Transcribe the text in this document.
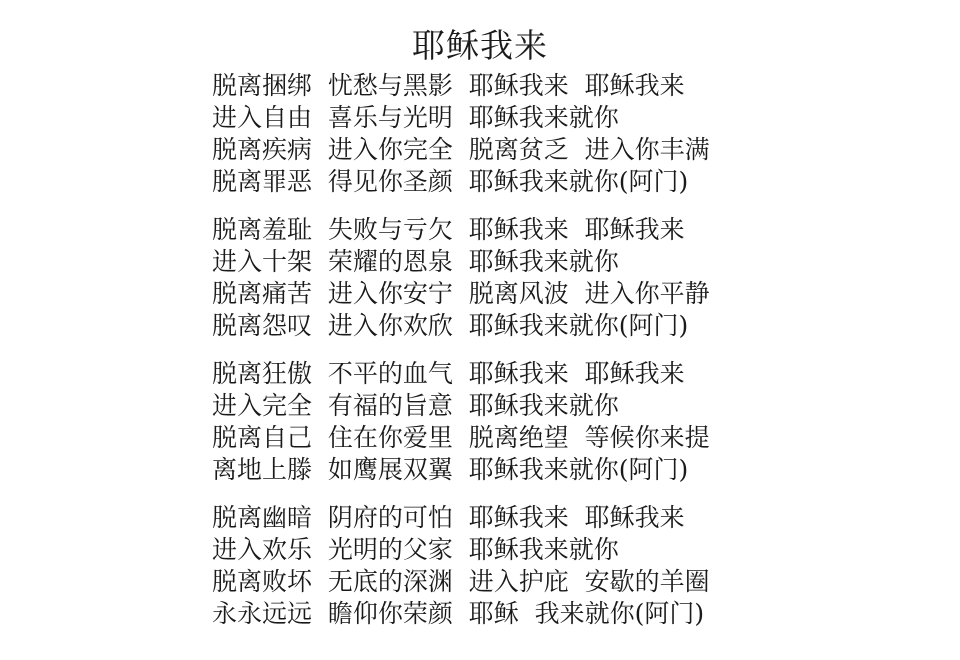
耶稣我来
脱离捆绑  忧愁与黑影  耶稣我来  耶稣我来
进入自由  喜乐与光明  耶稣我来就你
脱离疾病  进入你完全  脱离贫乏  进入你丰满
脱离罪恶  得见你圣颜  耶稣我来就你(阿门)
脱离羞耻  失败与亏欠  耶稣我来  耶稣我来
进入十架  荣耀的恩泉  耶稣我来就你
脱离痛苦  进入你安宁  脱离风波  进入你平静
脱离怨叹  进入你欢欣  耶稣我来就你(阿门)
脱离狂傲  不平的血气  耶稣我来  耶稣我来
进入完全  有福的旨意  耶稣我来就你
脱离自己  住在你爱里  脱离绝望  等候你来提
离地上滕  如鹰展双翼  耶稣我来就你(阿门)
脱离幽暗  阴府的可怕  耶稣我来  耶稣我来
进入欢乐  光明的父家  耶稣我来就你
脱离败坏  无底的深渊  进入护庇  安歇的羊圈
永永远远  瞻仰你荣颜  耶稣  我来就你(阿门)
